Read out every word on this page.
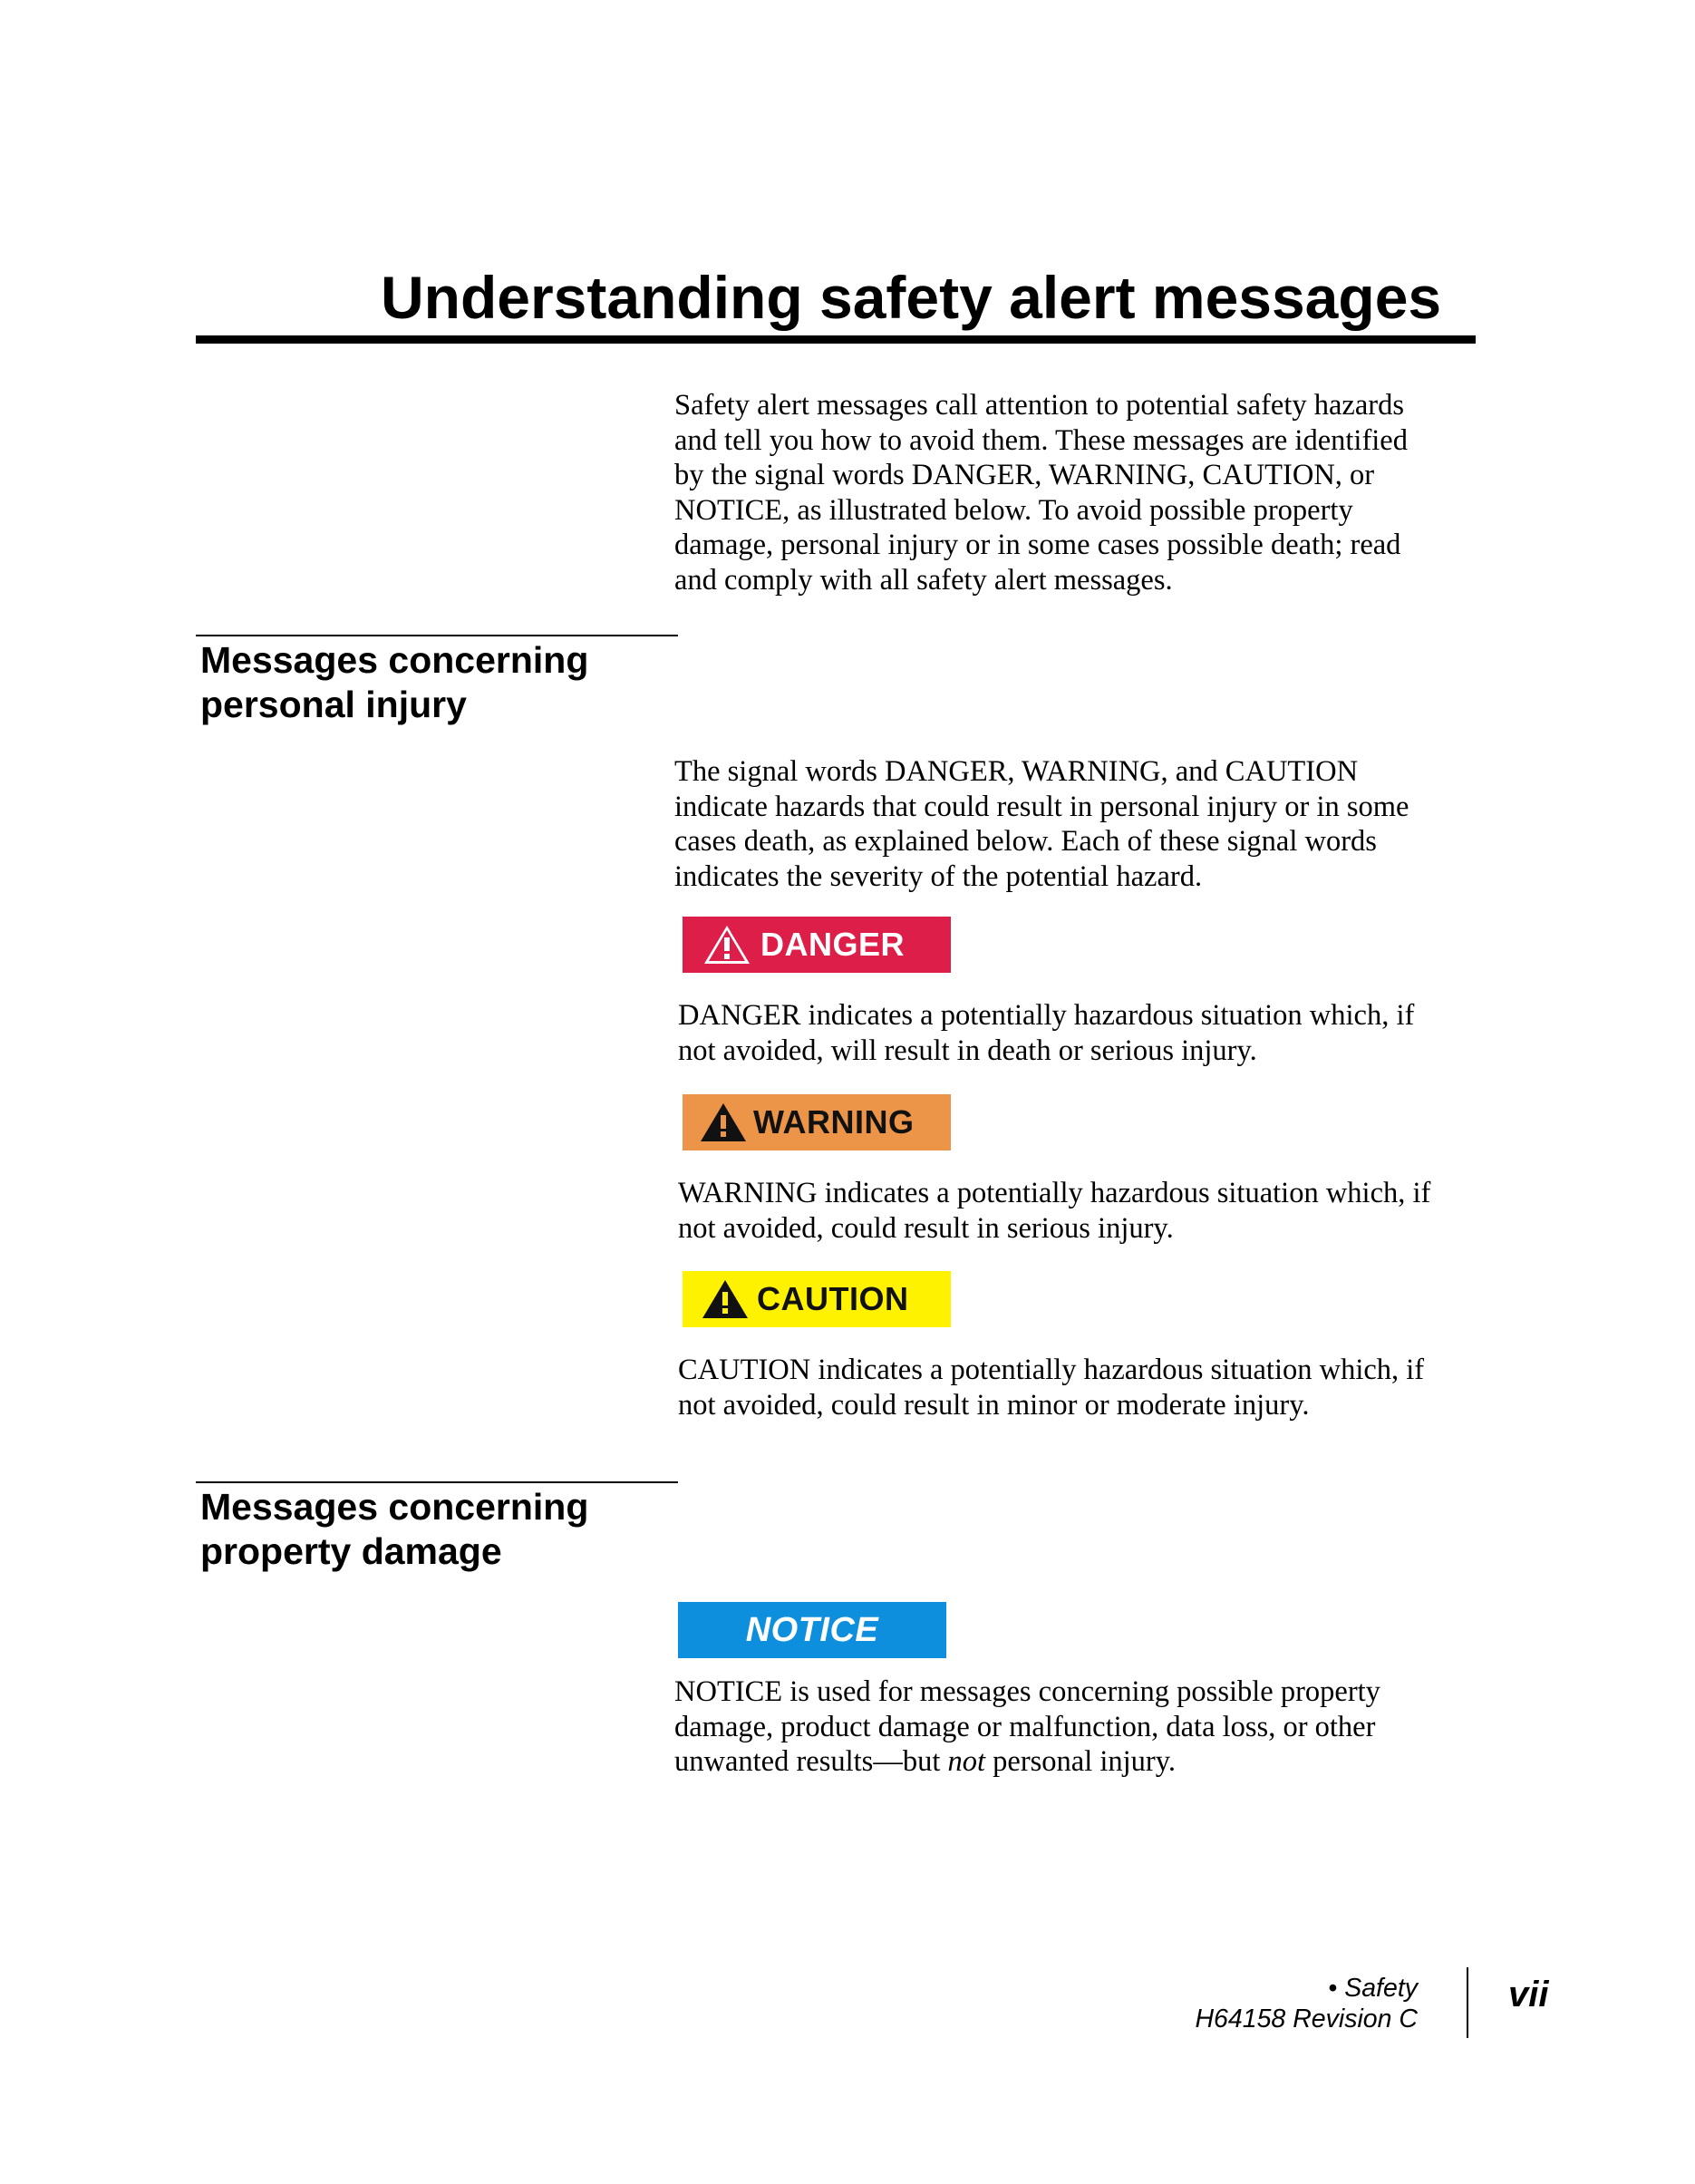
Understanding safety alert messages
Safety alert messages call attention to potential safety hazards
and tell you how to avoid them. These messages are identified
by the signal words DANGER, WARNING, CAUTION, or
NOTICE, as illustrated below. To avoid possible property
damage, personal injury or in some cases possible death; read
and comply with all safety alert messages.
Messages concerning
personal injury
The signal words DANGER, WARNING, and CAUTION
indicate hazards that could result in personal injury or in some
cases death, as explained below. Each of these signal words
indicates the severity of the potential hazard.
DANGER
DANGER indicates a potentially hazardous situation which, if
not avoided, will result in death or serious injury.
WARNING
WARNING indicates a potentially hazardous situation which, if
not avoided, could result in serious injury.
CAUTION
CAUTION indicates a potentially hazardous situation which, if
not avoided, could result in minor or moderate injury.
Messages concerning
property damage
NOTICE
NOTICE is used for messages concerning possible property
damage, product damage or malfunction, data loss, or other
unwanted results—but not personal injury.
• Safety
H64158 Revision C
vii
